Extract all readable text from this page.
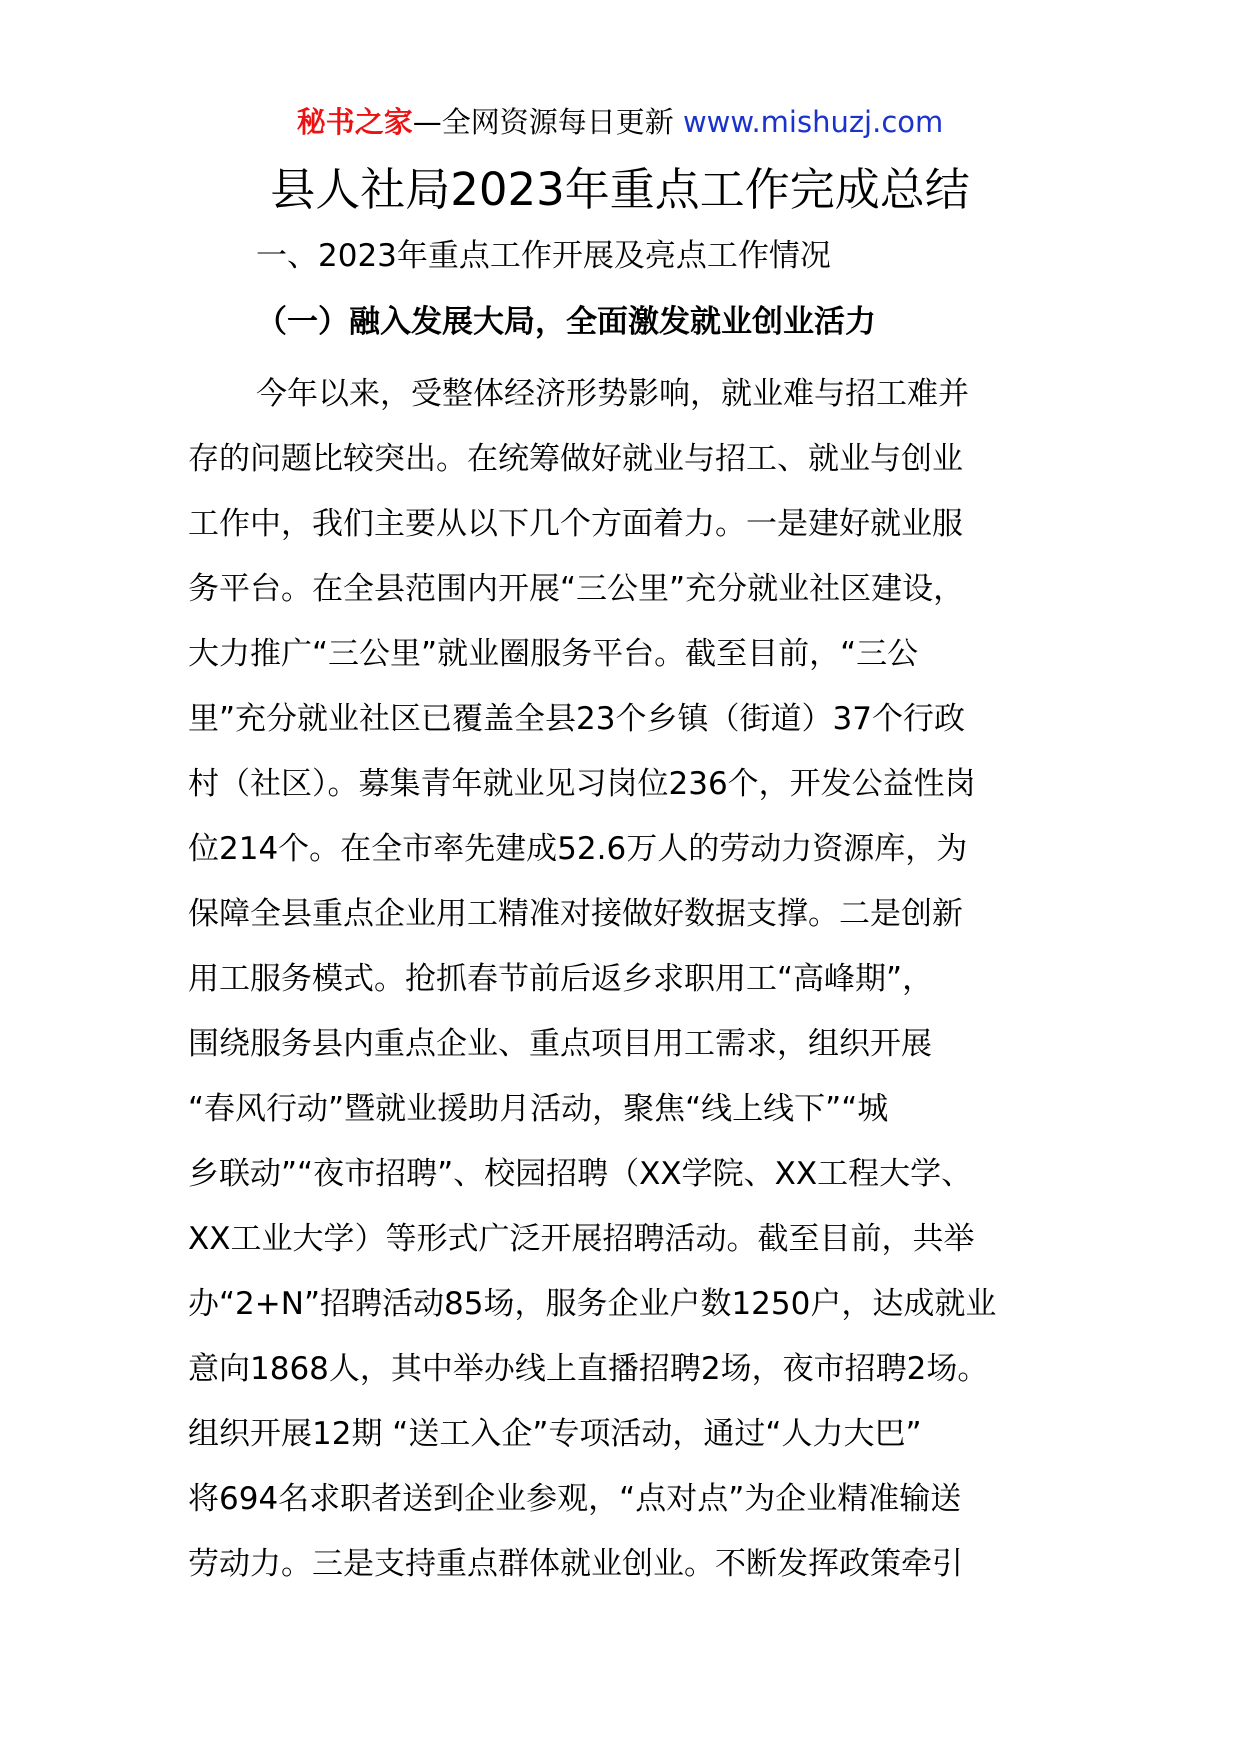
秘书之家—全网资源每日更新 www.mishuzj.com
县人社局2023年重点工作完成总结
一、2023年重点工作开展及亮点工作情况
（一）融入发展大局，全面激发就业创业活力
今年以来，受整体经济形势影响，就业难与招工难并
存的问题比较突出。在统筹做好就业与招工、就业与创业
工作中，我们主要从以下几个方面着力。一是建好就业服
务平台。在全县范围内开展“三公里”充分就业社区建设，
大力推广“三公里”就业圈服务平台。截至目前，“三公
里”充分就业社区已覆盖全县23个乡镇（街道）37个行政
村（社区）。募集青年就业见习岗位236个，开发公益性岗
位214个。在全市率先建成52.6万人的劳动力资源库，为
保障全县重点企业用工精准对接做好数据支撑。二是创新
用工服务模式。抢抓春节前后返乡求职用工“高峰期”，
围绕服务县内重点企业、重点项目用工需求，组织开展
“春风行动”暨就业援助月活动，聚焦“线上线下”“城
乡联动”“夜市招聘”、校园招聘（XX学院、XX工程大学、
XX工业大学）等形式广泛开展招聘活动。截至目前，共举
办“2+N”招聘活动85场，服务企业户数1250户，达成就业
意向1868人，其中举办线上直播招聘2场，夜市招聘2场。
组织开展12期 “送工入企”专项活动，通过“人力大巴”
将694名求职者送到企业参观，“点对点”为企业精准输送
劳动力。三是支持重点群体就业创业。不断发挥政策牵引
